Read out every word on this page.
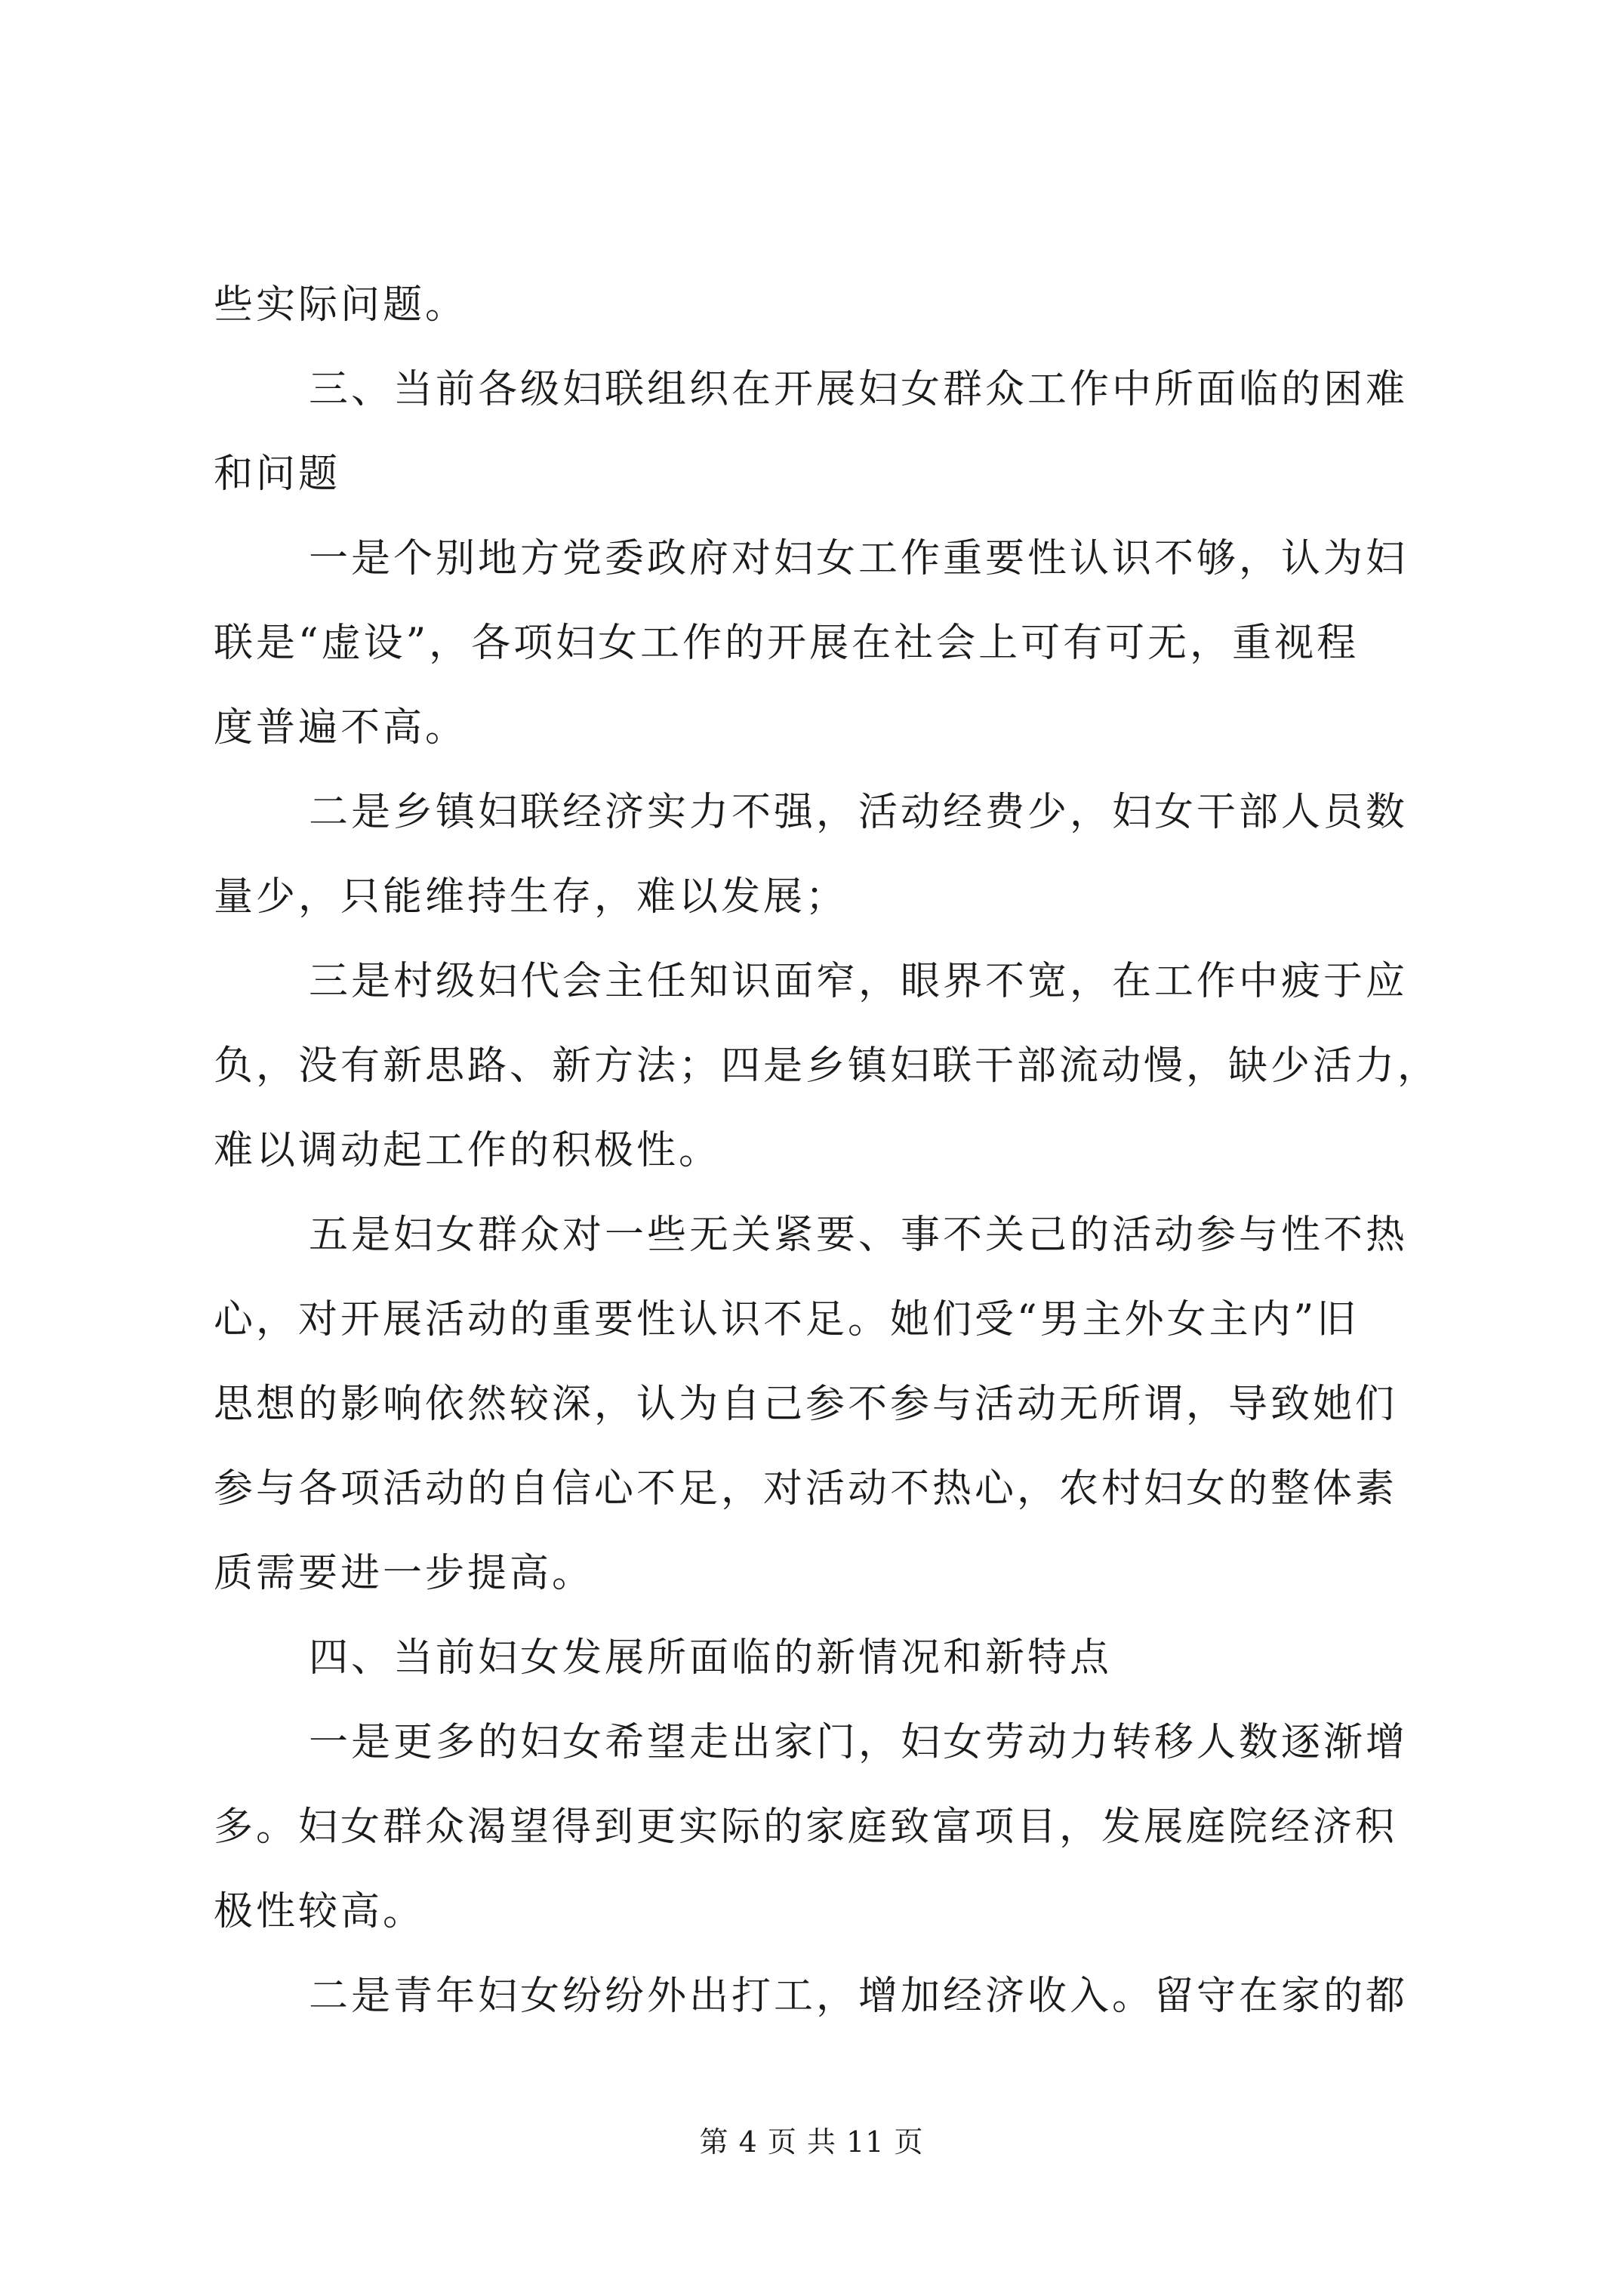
些实际问题。
三、当前各级妇联组织在开展妇女群众工作中所面临的困难
和问题
一是个别地方党委政府对妇女工作重要性认识不够，认为妇
联是“虚设”，各项妇女工作的开展在社会上可有可无，重视程
度普遍不高。
二是乡镇妇联经济实力不强，活动经费少，妇女干部人员数
量少，只能维持生存，难以发展；
三是村级妇代会主任知识面窄，眼界不宽，在工作中疲于应
负，没有新思路、新方法；四是乡镇妇联干部流动慢，缺少活力，
难以调动起工作的积极性。
五是妇女群众对一些无关紧要、事不关己的活动参与性不热
心，对开展活动的重要性认识不足。她们受“男主外女主内”旧
思想的影响依然较深，认为自己参不参与活动无所谓，导致她们
参与各项活动的自信心不足，对活动不热心，农村妇女的整体素
质需要进一步提高。
四、当前妇女发展所面临的新情况和新特点
一是更多的妇女希望走出家门，妇女劳动力转移人数逐渐增
多。妇女群众渴望得到更实际的家庭致富项目，发展庭院经济积
极性较高。
二是青年妇女纷纷外出打工，增加经济收入。留守在家的都
第 4 页 共 11 页
